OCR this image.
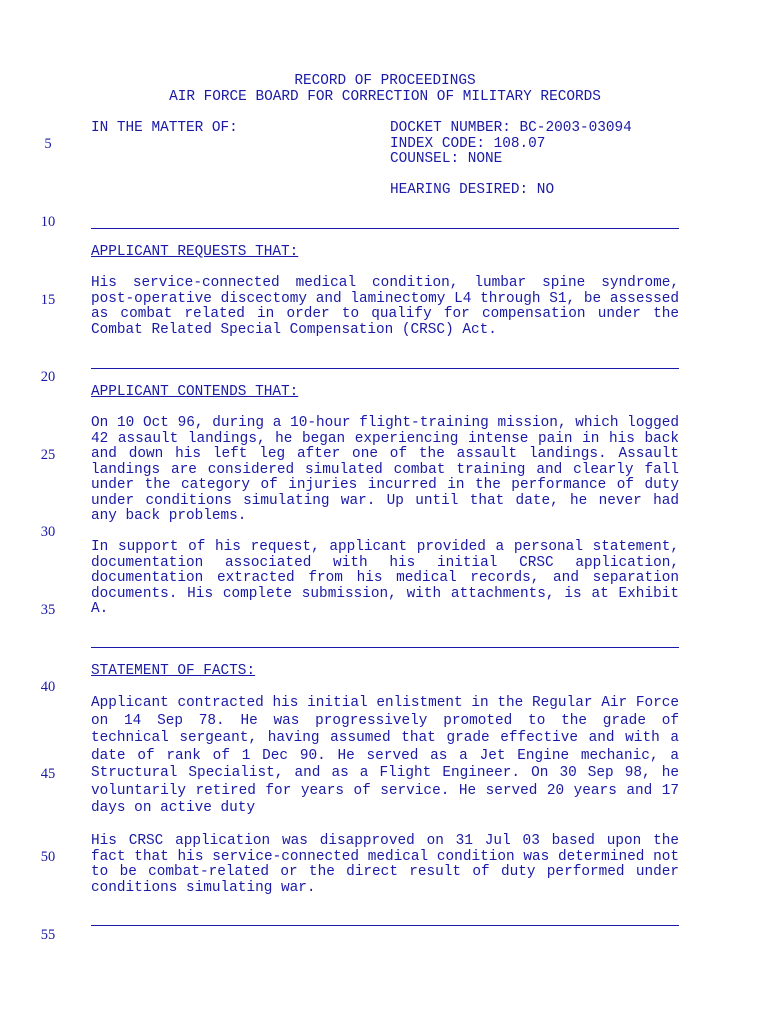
RECORD OF PROCEEDINGS
AIR FORCE BOARD FOR CORRECTION OF MILITARY RECORDS
IN THE MATTER OF:	DOCKET NUMBER: BC-2003-03094
INDEX CODE: 108.07
COUNSEL: NONE
HEARING DESIRED: NO
5
10
15
20
25
30
35
40
45
50
55
APPLICANT REQUESTS THAT:

His service-connected medical condition, lumbar spine syndrome, post-operative discectomy and laminectomy L4 through S1, be assessed as combat related in order to qualify for compensation under the Combat Related Special Compensation (CRSC) Act.

APPLICANT CONTENDS THAT:

On 10 Oct 96, during a 10-hour flight-training mission, which logged 42 assault landings, he began experiencing intense pain in his back and down his left leg after one of the assault landings. Assault landings are considered simulated combat training and clearly fall under the category of injuries incurred in the performance of duty under conditions simulating war. Up until that date, he never had any back problems.

In support of his request, applicant provided a personal statement, documentation associated with his initial CRSC application, documentation extracted from his medical records, and separation documents. His complete submission, with attachments, is at Exhibit A.

STATEMENT OF FACTS:

Applicant contracted his initial enlistment in the Regular Air Force on 14 Sep 78. He was progressively promoted to the grade of technical sergeant, having assumed that grade effective and with a date of rank of 1 Dec 90. He served as a Jet Engine mechanic, a Structural Specialist, and as a Flight Engineer. On 30 Sep 98, he voluntarily retired for years of service. He served 20 years and 17 days on active duty

His CRSC application was disapproved on 31 Jul 03 based upon the fact that his service-connected medical condition was determined not to be combat-related or the direct result of duty performed under conditions simulating war.
